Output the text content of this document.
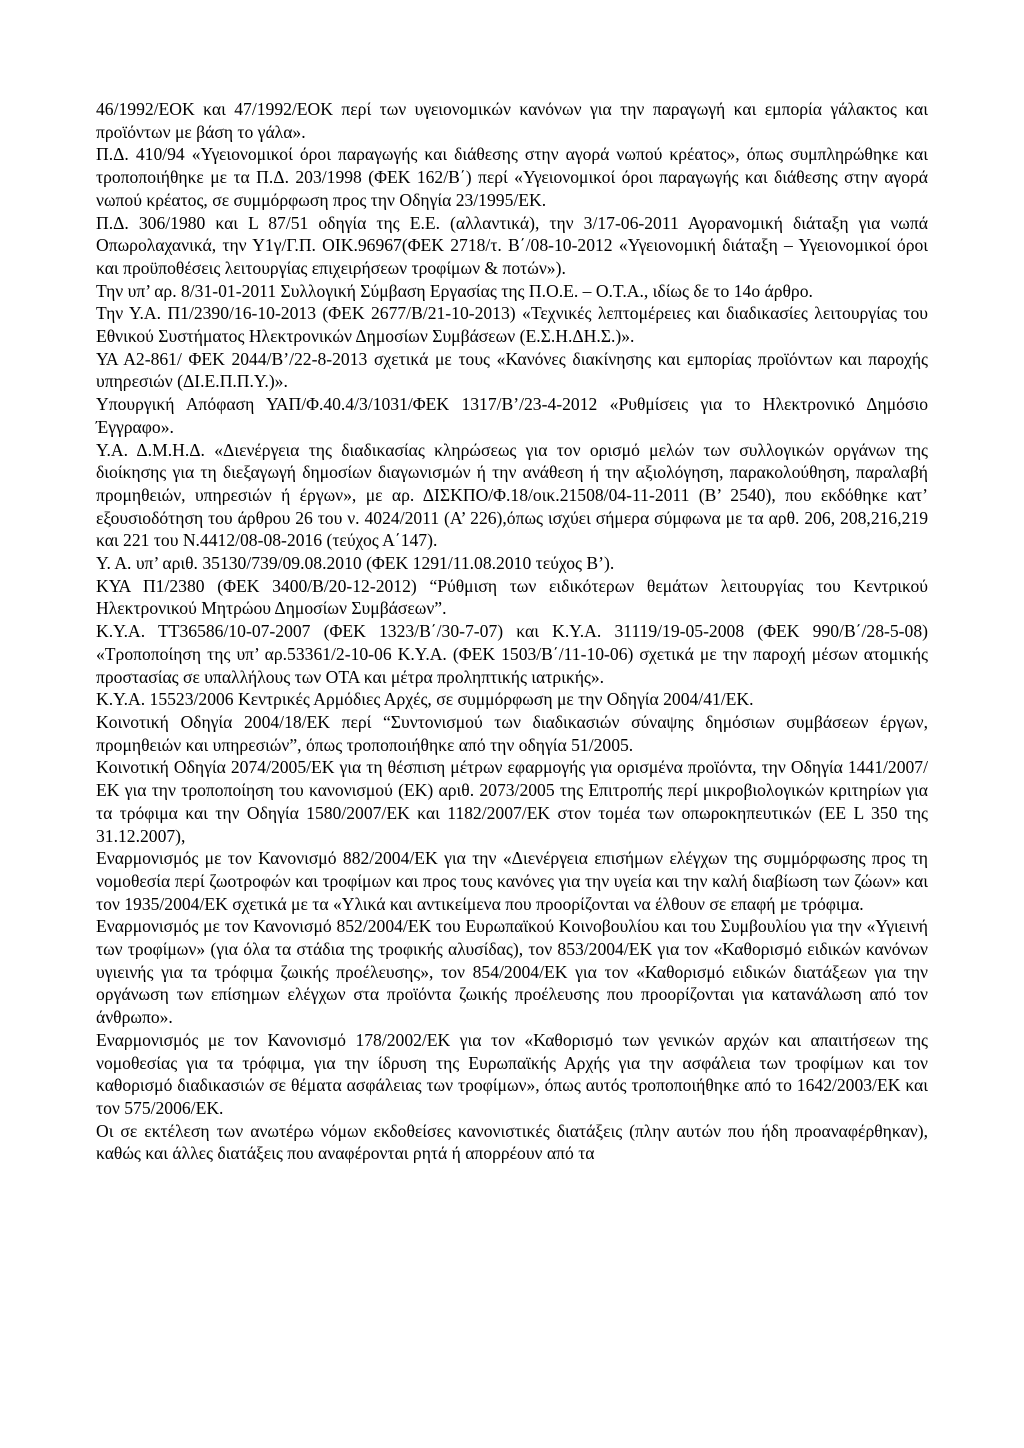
46/1992/ΕΟΚ και 47/1992/ΕΟΚ περί των υγειονομικών κανόνων για την παραγωγή και εμπορία γάλακτος και προϊόντων με βάση το γάλα».

Π.Δ. 410/94 «Υγειονομικοί όροι παραγωγής και διάθεσης στην αγορά νωπού κρέατος», όπως συμπληρώθηκε και τροποποιήθηκε με τα Π.Δ. 203/1998 (ΦΕΚ 162/Β΄) περί «Υγειονομικοί όροι παραγωγής και διάθεσης στην αγορά νωπού κρέατος, σε συμμόρφωση προς την Οδηγία 23/1995/ΕΚ.

Π.Δ. 306/1980 και L 87/51 οδηγία της Ε.Ε. (αλλαντικά), την 3/17-06-2011 Αγορανομική διάταξη για νωπά Οπωρολαχανικά, την Υ1γ/Γ.Π. ΟΙΚ.96967(ΦΕΚ 2718/τ. Β΄/08-10-2012 «Υγειονομική διάταξη – Υγειονομικοί όροι και προϋποθέσεις λειτουργίας επιχειρήσεων τροφίμων & ποτών»).

Την υπ’ αρ. 8/31-01-2011 Συλλογική Σύμβαση Εργασίας της Π.Ο.Ε. – Ο.Τ.Α., ιδίως δε το 14ο άρθρο.

Την Υ.Α. Π1/2390/16-10-2013 (ΦΕΚ 2677/Β/21-10-2013) «Τεχνικές λεπτομέρειες και διαδικασίες λειτουργίας του Εθνικού Συστήματος Ηλεκτρονικών Δημοσίων Συμβάσεων (Ε.Σ.Η.ΔΗ.Σ.)».

ΥΑ Α2-861/ ΦΕΚ 2044/Β’/22-8-2013 σχετικά με τους «Κανόνες διακίνησης και εμπορίας προϊόντων και παροχής υπηρεσιών (ΔΙ.Ε.Π.Π.Υ.)».

Υπουργική Απόφαση ΥΑΠ/Φ.40.4/3/1031/ΦΕΚ 1317/Β’/23-4-2012 «Ρυθμίσεις για το Ηλεκτρονικό Δημόσιο Έγγραφο».

Υ.Α. Δ.Μ.Η.Δ. «Διενέργεια της διαδικασίας κληρώσεως για τον ορισμό μελών των συλλογικών οργάνων της διοίκησης για τη διεξαγωγή δημοσίων διαγωνισμών ή την ανάθεση ή την αξιολόγηση, παρακολούθηση, παραλαβή προμηθειών, υπηρεσιών ή έργων», με αρ. ΔΙΣΚΠΟ/Φ.18/οικ.21508/04-11-2011 (Β’ 2540), που εκδόθηκε κατ’ εξουσιοδότηση του άρθρου 26 του ν. 4024/2011 (Α’ 226),όπως ισχύει σήμερα σύμφωνα με τα αρθ. 206, 208,216,219 και 221 του Ν.4412/08-08-2016 (τεύχος Α΄147).

Υ. Α. υπ’ αριθ. 35130/739/09.08.2010 (ΦΕΚ 1291/11.08.2010 τεύχος Β’).

ΚΥΑ Π1/2380 (ΦΕΚ 3400/Β/20-12-2012) “Ρύθμιση των ειδικότερων θεμάτων λειτουργίας του Κεντρικού Ηλεκτρονικού Μητρώου Δημοσίων Συμβάσεων”.

Κ.Υ.Α. ΤΤ36586/10-07-2007 (ΦΕΚ 1323/Β΄/30-7-07) και Κ.Υ.Α. 31119/19-05-2008 (ΦΕΚ 990/Β΄/28-5-08) «Τροποποίηση της υπ’ αρ.53361/2-10-06 Κ.Υ.Α. (ΦΕΚ 1503/Β΄/11-10-06) σχετικά με την παροχή μέσων ατομικής προστασίας σε υπαλλήλους των ΟΤΑ και μέτρα προληπτικής ιατρικής».

Κ.Υ.Α. 15523/2006 Κεντρικές Αρμόδιες Αρχές, σε συμμόρφωση με την Οδηγία 2004/41/ΕΚ.

Κοινοτική Οδηγία 2004/18/ΕΚ περί “Συντονισμού των διαδικασιών σύναψης δημόσιων συμβάσεων έργων, προμηθειών και υπηρεσιών”, όπως τροποποιήθηκε από την οδηγία 51/2005.

Κοινοτική Οδηγία 2074/2005/ΕΚ για τη θέσπιση μέτρων εφαρμογής για ορισμένα προϊόντα, την Οδηγία 1441/2007/ΕΚ για την τροποποίηση του κανονισμού (ΕΚ) αριθ. 2073/2005 της Επιτροπής περί μικροβιολογικών κριτηρίων για τα τρόφιμα και την Οδηγία 1580/2007/ΕΚ και 1182/2007/ΕΚ στον τομέα των οπωροκηπευτικών (ΕΕ L 350 της 31.12.2007),

Εναρμονισμός με τον Κανονισμό 882/2004/ΕΚ για την «Διενέργεια επισήμων ελέγχων της συμμόρφωσης προς τη νομοθεσία περί ζωοτροφών και τροφίμων και προς τους κανόνες για την υγεία και την καλή διαβίωση των ζώων» και τον 1935/2004/ΕΚ σχετικά με τα «Υλικά και αντικείμενα που προορίζονται να έλθουν σε επαφή με τρόφιμα.

Εναρμονισμός με τον Κανονισμό 852/2004/ΕΚ του Ευρωπαϊκού Κοινοβουλίου και του Συμβουλίου για την «Υγιεινή των τροφίμων» (για όλα τα στάδια της τροφικής αλυσίδας), τον 853/2004/ΕΚ για τον «Καθορισμό ειδικών κανόνων υγιεινής για τα τρόφιμα ζωικής προέλευσης», τον 854/2004/ΕΚ για τον «Καθορισμό ειδικών διατάξεων για την οργάνωση των επίσημων ελέγχων στα προϊόντα ζωικής προέλευσης που προορίζονται για κατανάλωση από τον άνθρωπο».

Εναρμονισμός με τον Κανονισμό 178/2002/ΕΚ για τον «Καθορισμό των γενικών αρχών και απαιτήσεων της νομοθεσίας για τα τρόφιμα, για την ίδρυση της Ευρωπαϊκής Αρχής για την ασφάλεια των τροφίμων και τον καθορισμό διαδικασιών σε θέματα ασφάλειας των τροφίμων», όπως αυτός τροποποιήθηκε από το 1642/2003/ΕΚ και τον 575/2006/ΕΚ.

Οι σε εκτέλεση των ανωτέρω νόμων εκδοθείσες κανονιστικές διατάξεις (πλην αυτών που ήδη προαναφέρθηκαν), καθώς και άλλες διατάξεις που αναφέρονται ρητά ή απορρέουν από τα
